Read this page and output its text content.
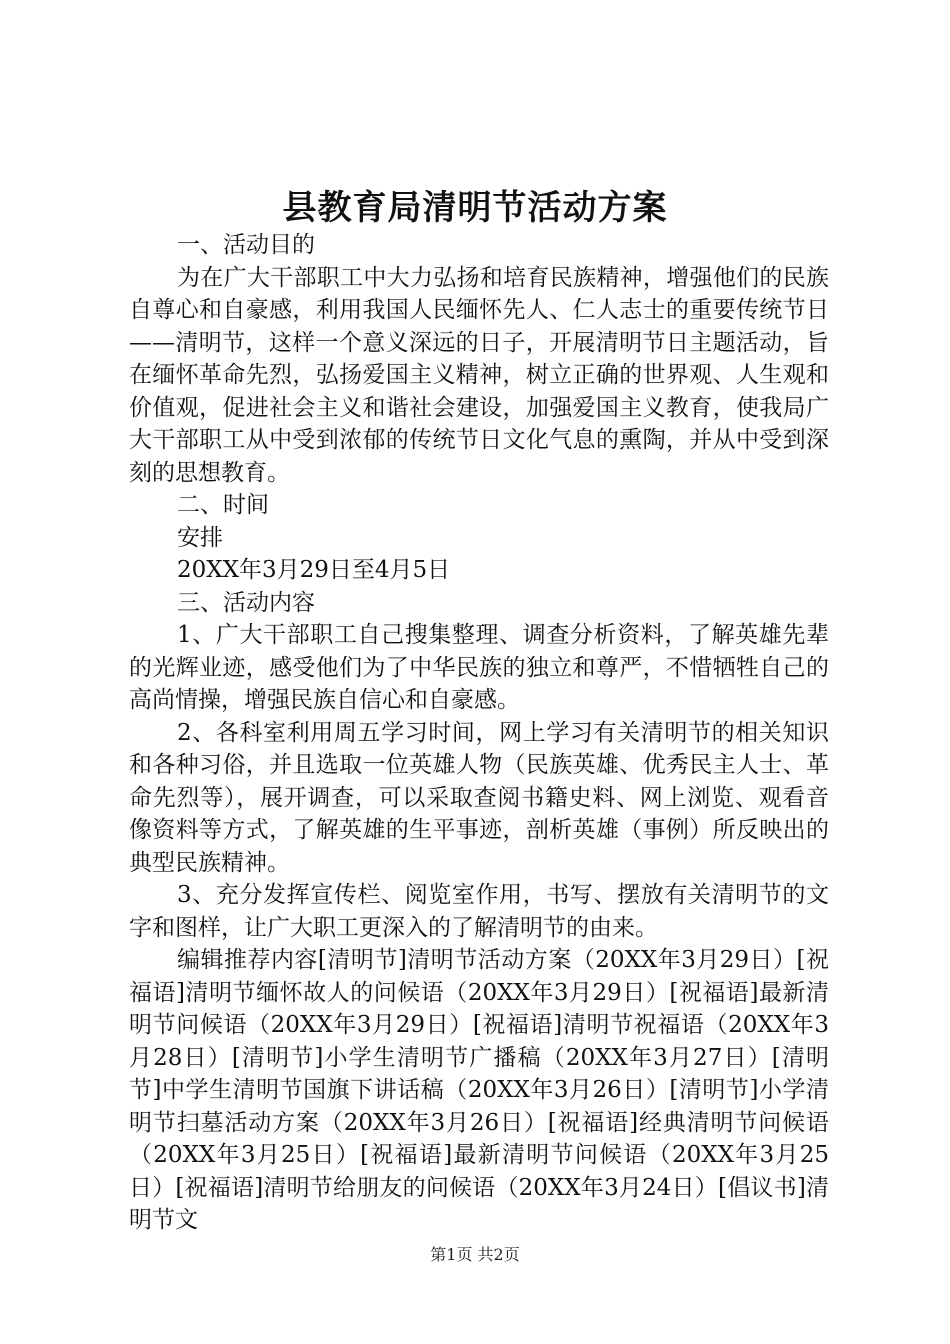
县教育局清明节活动方案

一、活动目的

为在广大干部职工中大力弘扬和培育民族精神，增强他们的民族自尊心和自豪感，利用我国人民缅怀先人、仁人志士的重要传统节日——清明节，这样一个意义深远的日子，开展清明节日主题活动，旨在缅怀革命先烈，弘扬爱国主义精神，树立正确的世界观、人生观和价值观，促进社会主义和谐社会建设，加强爱国主义教育，使我局广大干部职工从中受到浓郁的传统节日文化气息的熏陶，并从中受到深刻的思想教育。

二、时间

安排

20XX年3月29日至4月5日

三、活动内容

1、广大干部职工自己搜集整理、调查分析资料，了解英雄先辈的光辉业迹，感受他们为了中华民族的独立和尊严，不惜牺牲自己的高尚情操，增强民族自信心和自豪感。

2、各科室利用周五学习时间，网上学习有关清明节的相关知识和各种习俗，并且选取一位英雄人物（民族英雄、优秀民主人士、革命先烈等），展开调查，可以采取查阅书籍史料、网上浏览、观看音像资料等方式，了解英雄的生平事迹，剖析英雄（事例）所反映出的典型民族精神。

3、充分发挥宣传栏、阅览室作用，书写、摆放有关清明节的文字和图样，让广大职工更深入的了解清明节的由来。

编辑推荐内容[清明节]清明节活动方案（20XX年3月29日）[祝福语]清明节缅怀故人的问候语（20XX年3月29日）[祝福语]最新清明节问候语（20XX年3月29日）[祝福语]清明节祝福语（20XX年3月28日）[清明节]小学生清明节广播稿（20XX年3月27日）[清明节]中学生清明节国旗下讲话稿（20XX年3月26日）[清明节]小学清明节扫墓活动方案（20XX年3月26日）[祝福语]经典清明节问候语（20XX年3月25日）[祝福语]最新清明节问候语（20XX年3月25日）[祝福语]清明节给朋友的问候语（20XX年3月24日）[倡议书]清明节文

第1页 共2页
